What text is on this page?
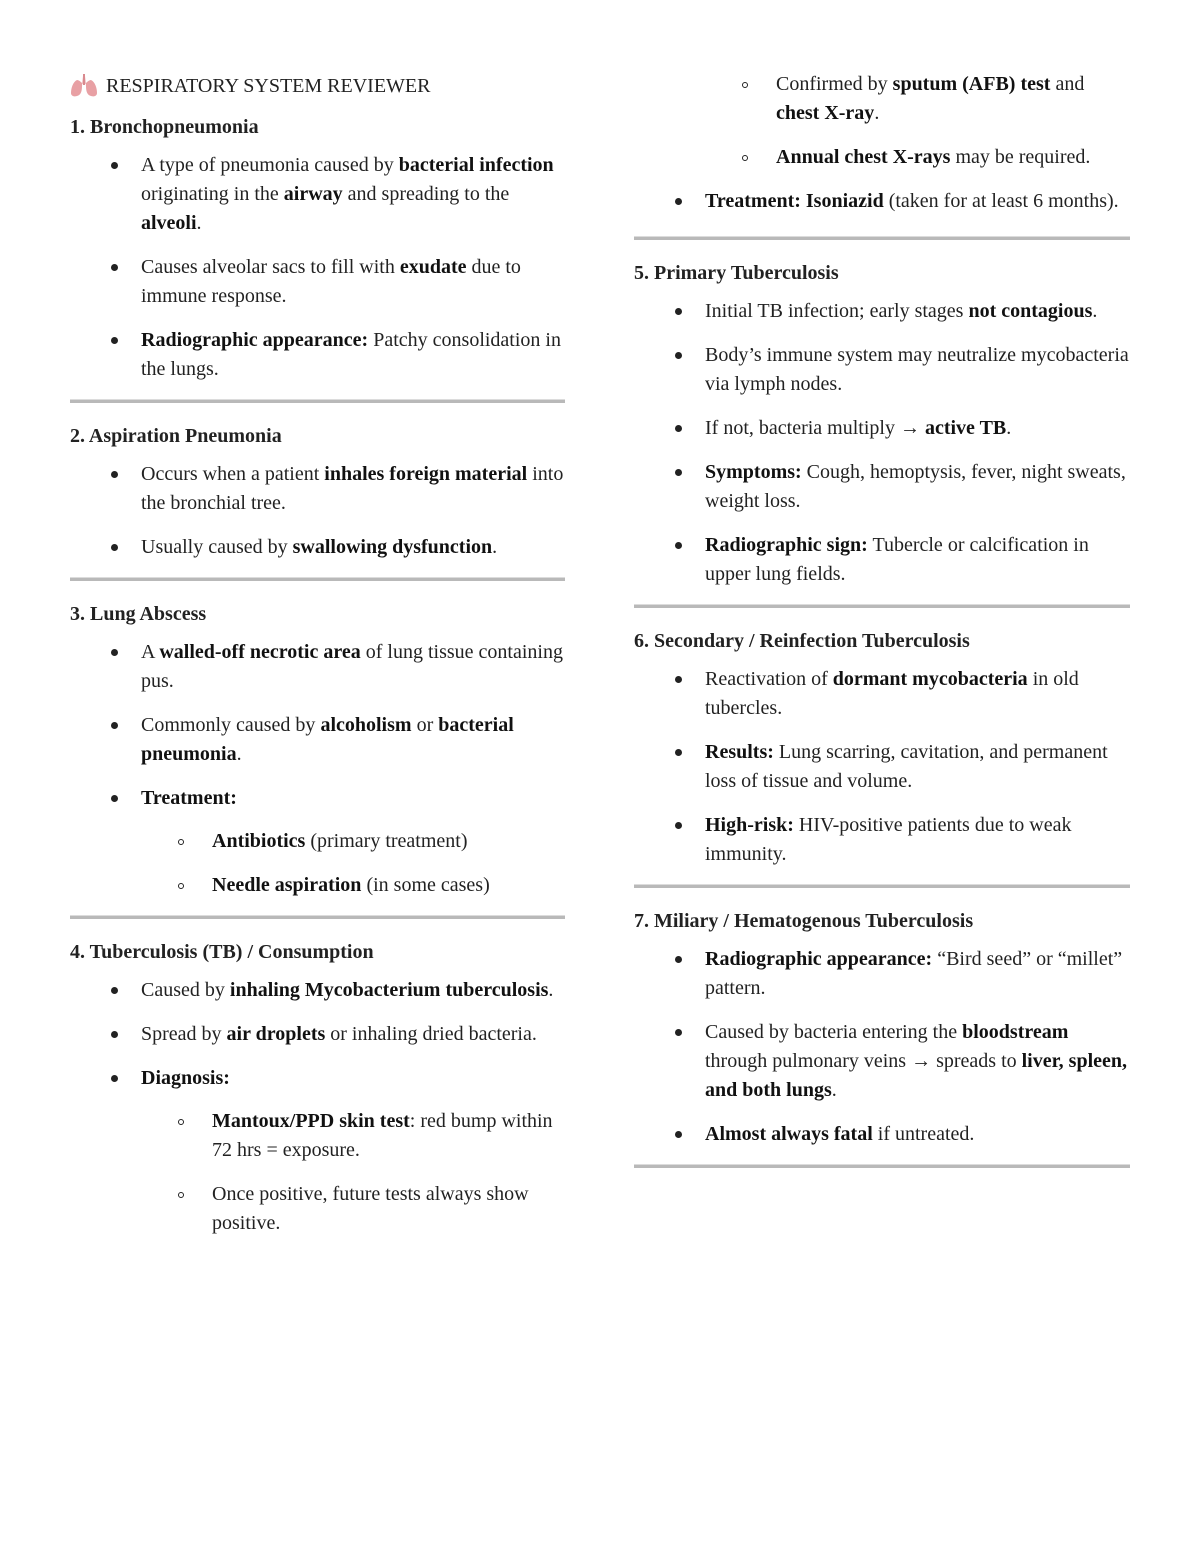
RESPIRATORY SYSTEM REVIEWER
1. Bronchopneumonia
A type of pneumonia caused by bacterial infection originating in the airway and spreading to the alveoli.
Causes alveolar sacs to fill with exudate due to immune response.
Radiographic appearance: Patchy consolidation in the lungs.
2. Aspiration Pneumonia
Occurs when a patient inhales foreign material into the bronchial tree.
Usually caused by swallowing dysfunction.
3. Lung Abscess
A walled-off necrotic area of lung tissue containing pus.
Commonly caused by alcoholism or bacterial pneumonia.
Treatment:
Antibiotics (primary treatment)
Needle aspiration (in some cases)
4. Tuberculosis (TB) / Consumption
Caused by inhaling Mycobacterium tuberculosis.
Spread by air droplets or inhaling dried bacteria.
Diagnosis:
Mantoux/PPD skin test: red bump within 72 hrs = exposure.
Once positive, future tests always show positive.
Confirmed by sputum (AFB) test and chest X-ray.
Annual chest X-rays may be required.
Treatment: Isoniazid (taken for at least 6 months).
5. Primary Tuberculosis
Initial TB infection; early stages not contagious.
Body’s immune system may neutralize mycobacteria via lymph nodes.
If not, bacteria multiply → active TB.
Symptoms: Cough, hemoptysis, fever, night sweats, weight loss.
Radiographic sign: Tubercle or calcification in upper lung fields.
6. Secondary / Reinfection Tuberculosis
Reactivation of dormant mycobacteria in old tubercles.
Results: Lung scarring, cavitation, and permanent loss of tissue and volume.
High-risk: HIV-positive patients due to weak immunity.
7. Miliary / Hematogenous Tuberculosis
Radiographic appearance: “Bird seed” or “millet” pattern.
Caused by bacteria entering the bloodstream through pulmonary veins → spreads to liver, spleen, and both lungs.
Almost always fatal if untreated.
